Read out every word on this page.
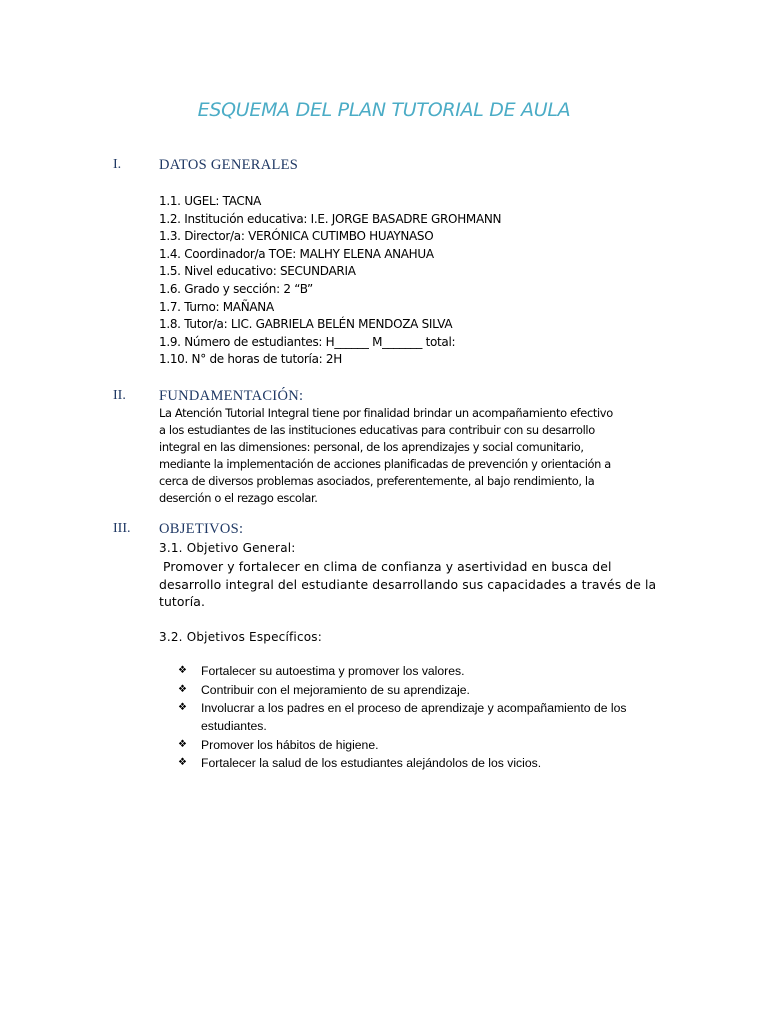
ESQUEMA DEL PLAN TUTORIAL DE AULA
I.	DATOS GENERALES
1.1. UGEL: TACNA
1.2. Institución educativa: I.E. JORGE BASADRE GROHMANN
1.3. Director/a: VERÓNICA CUTIMBO HUAYNASO
1.4. Coordinador/a TOE: MALHY ELENA ANAHUA
1.5. Nivel educativo: SECUNDARIA
1.6. Grado y sección: 2 “B”
1.7. Turno: MAÑANA
1.8. Tutor/a: LIC. GABRIELA BELÉN MENDOZA SILVA
1.9. Número de estudiantes: H______ M_______ total:
1.10. N° de horas de tutoría: 2H
II. FUNDAMENTACIÓN:

La Atención Tutorial Integral tiene por finalidad brindar un acompañamiento efectivo
a los estudiantes de las instituciones educativas para contribuir con su desarrollo
integral en las dimensiones: personal, de los aprendizajes y social comunitario,
mediante la implementación de acciones planificadas de prevención y orientación a
cerca de diversos problemas asociados, preferentemente, al bajo rendimiento, la
deserción o el rezago escolar.

III. OBJETIVOS:
3.1. Objetivo General:

Promover y fortalecer en clima de confianza y asertividad en busca del
desarrollo integral del estudiante desarrollando sus capacidades a través de la
tutoría.

3.2. Objetivos Específicos:
❖ Fortalecer su autoestima y promover los valores.
❖ Contribuir con el mejoramiento de su aprendizaje.
❖ Involucrar a los padres en el proceso de aprendizaje y acompañamiento de los
estudiantes.
❖ Promover los hábitos de higiene.
❖ Fortalecer la salud de los estudiantes alejándolos de los vicios.
